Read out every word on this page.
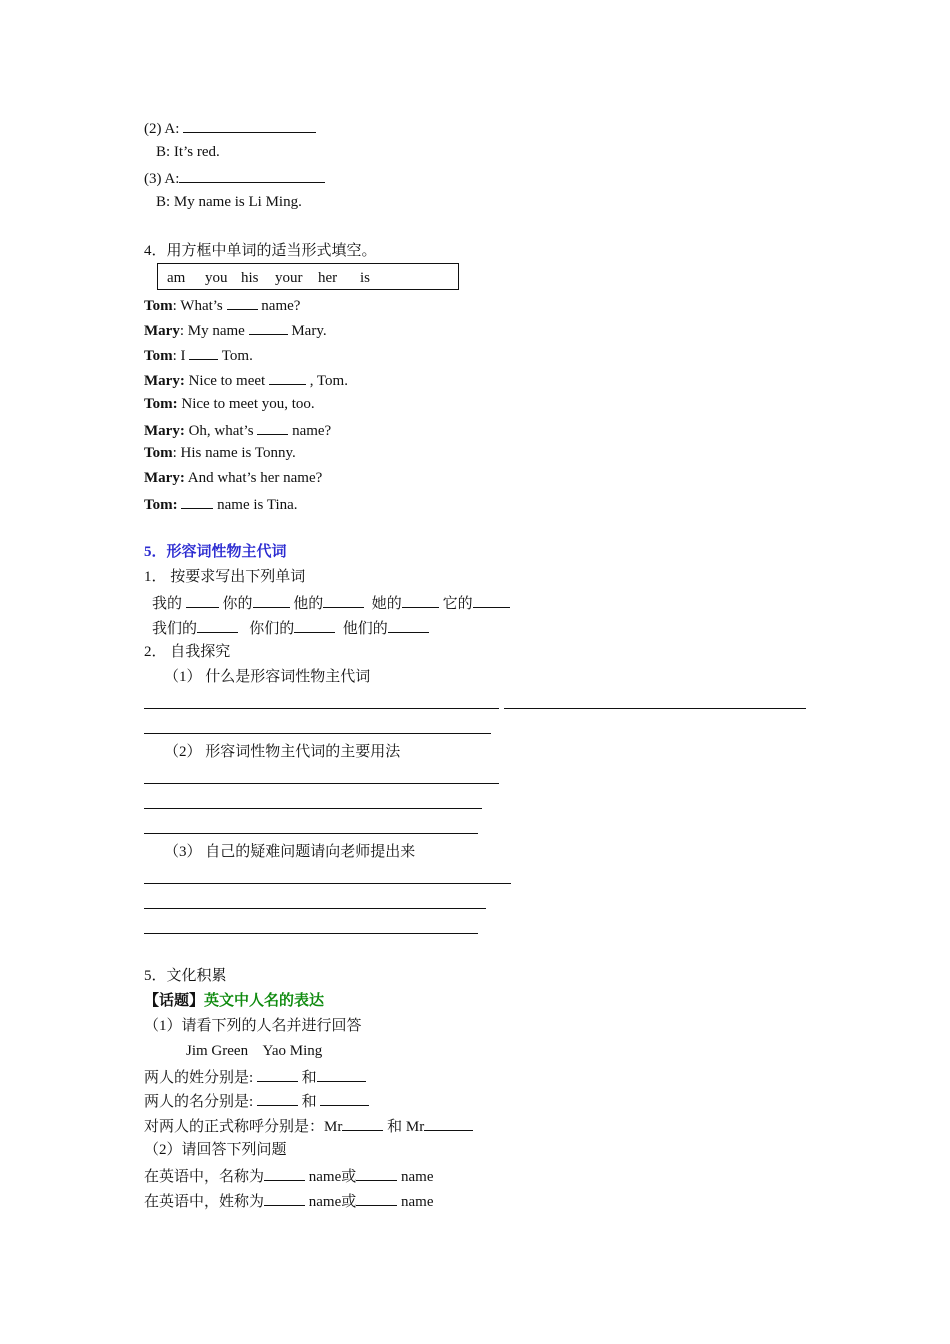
(2) A:
B: It’s red.
(3) A:
B: My name is Li Ming.
4．用方框中单词的适当形式填空。
am you his your her is
Tom: What’s	name?
Mary: My name	Mary.
Tom: I Tom.
Mary: Nice to meet	, Tom.
Tom: Nice to meet you, too.
Mary: Oh, what’s	name?
Tom: His name is Tonny.
Mary: And what’s her name?
Tom:	name is Tina.
5．形容词性物主代词
1． 按要求写出下列单词
我的	你的	他的	她的	它的
我们的	你们的	他们的
2． 自我探究
（1） 什么是形容词性物主代词
（2） 形容词性物主代词的主要用法
（3） 自己的疑难问题请向老师提出来
5．文化积累
【话题】英文中人名的表达
（1）请看下列的人名并进行回答
Jim Green    Yao Ming
两人的姓分别是:	和
两人的名分别是:	和
对两人的正式称呼分别是：Mr	和 Mr
（2）请回答下列问题
在英语中，名称为	name或	name
在英语中，姓称为	name或	name
